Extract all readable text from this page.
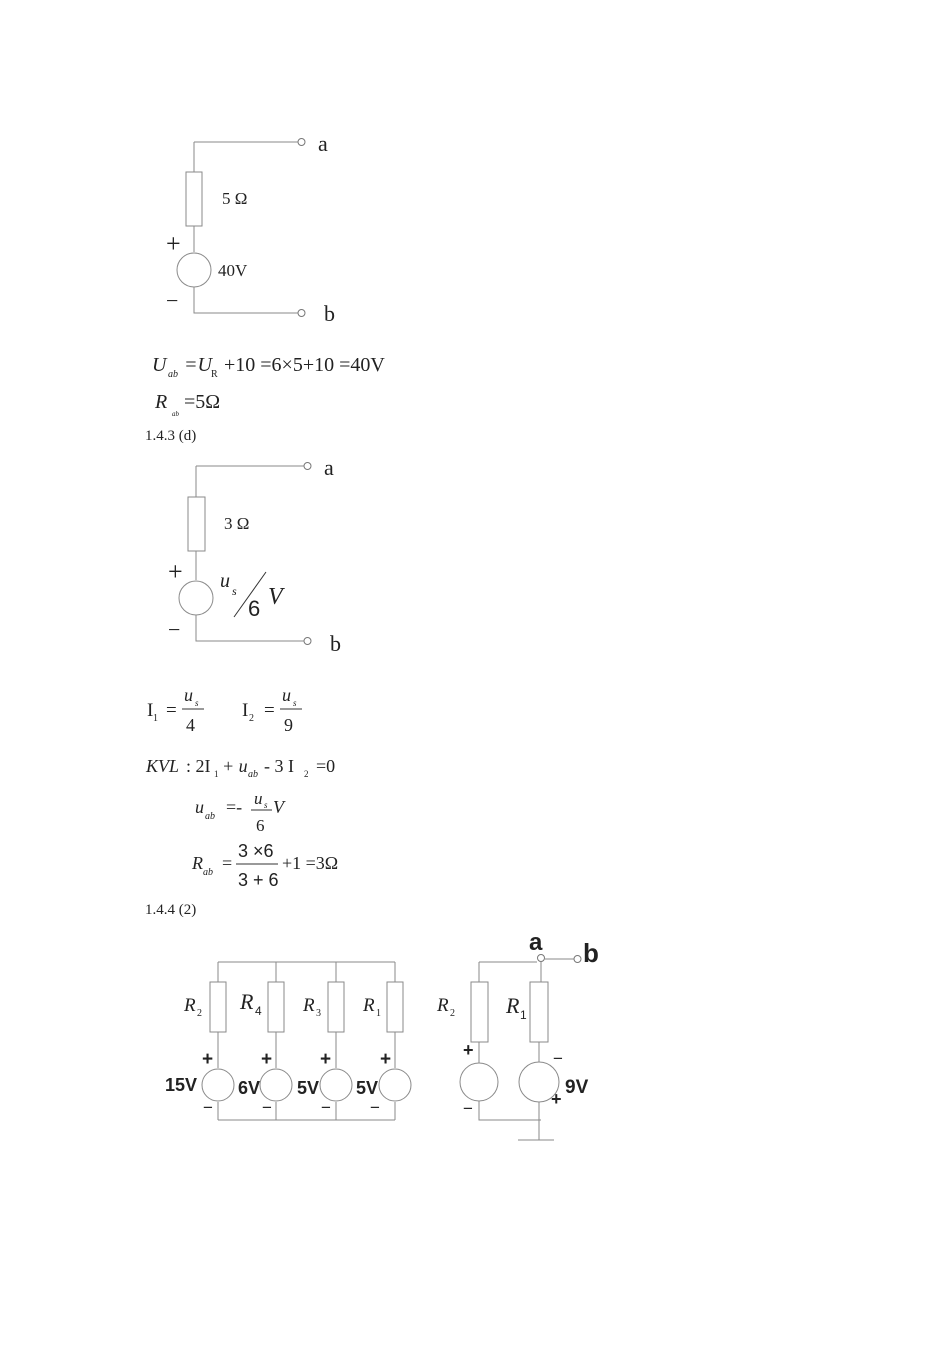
a
b
5 Ω
40V
+
−
U ab =U R +10 =6×5+10 =40V
R
ab
=5Ω
1.4.3 (d)
a
b
3 Ω
u s
6 V
+
−
I 1 =
u s
4
I 2 =
u s
9
KVL : 2I 1 + u ab - 3 I 2 =0
u ab =- u s
6
V
R ab =
3 ×6
3 + 6
+1 =3Ω
1.4.4 (2)
R 2 R 4 R 3 R 1
15V 6V 5V 5V
+	+	+	+
−	−	− −
a b
R 2 R 1
9V
+
−
−
+
